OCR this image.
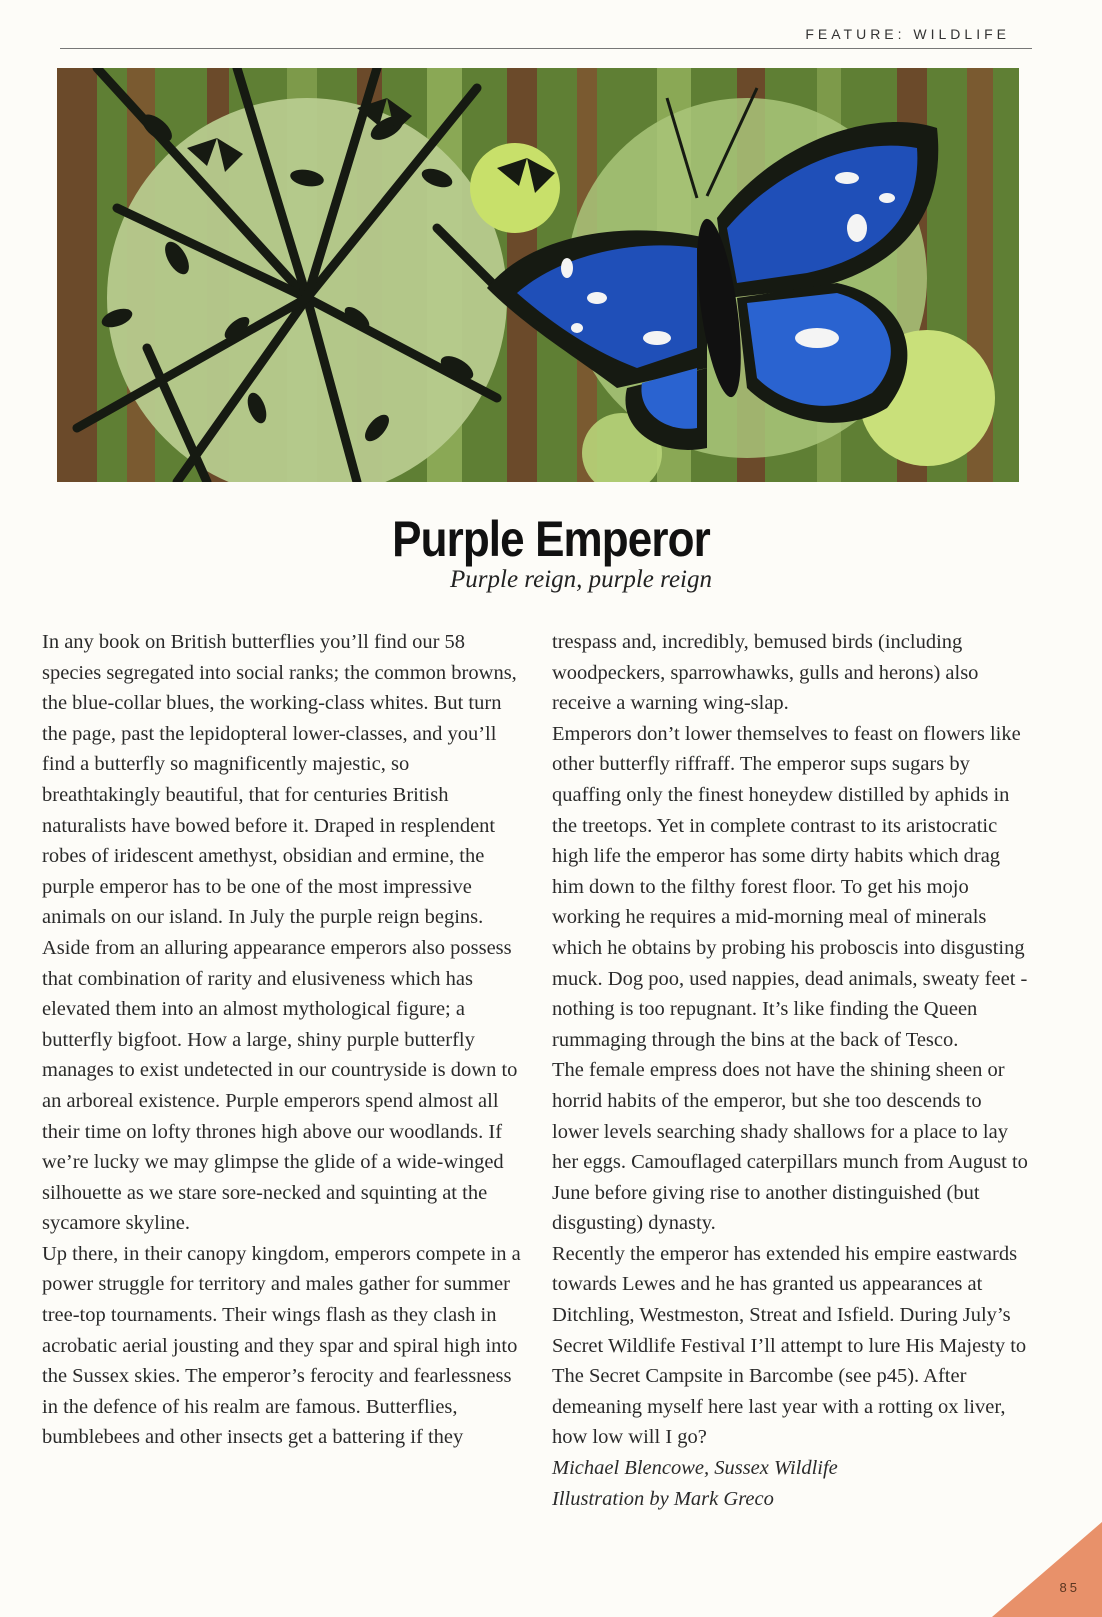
FEATURE: WILDLIFE
Purple Emperor
Purple reign, purple reign

In any book on British butterflies you’ll find our 58 species segregated into social ranks; the common browns, the blue-collar blues, the working-class whites. But turn the page, past the lepidopteral lower-classes, and you’ll find a butterfly so magnificently majestic, so breathtakingly beautiful, that for centuries British naturalists have bowed before it. Draped in resplendent robes of iridescent amethyst, obsidian and ermine, the purple emperor has to be one of the most impressive animals on our island. In July the purple reign begins.

Aside from an alluring appearance emperors also possess that combination of rarity and elusiveness which has elevated them into an almost mythological figure; a butterfly bigfoot. How a large, shiny purple butterfly manages to exist undetected in our countryside is down to an arboreal existence. Purple emperors spend almost all their time on lofty thrones high above our woodlands. If we’re lucky we may glimpse the glide of a wide-winged silhouette as we stare sore-necked and squinting at the sycamore skyline.

Up there, in their canopy kingdom, emperors compete in a power struggle for territory and males gather for summer tree-top tournaments. Their wings flash as they clash in acrobatic aerial jousting and they spar and spiral high into the Sussex skies. The emperor’s ferocity and fearlessness in the defence of his realm are famous. Butterflies, bumblebees and other insects get a battering if they

trespass and, incredibly, bemused birds (including woodpeckers, sparrowhawks, gulls and herons) also receive a warning wing-slap.

Emperors don’t lower themselves to feast on flowers like other butterfly riffraff. The emperor sups sugars by quaffing only the finest honeydew distilled by aphids in the treetops. Yet in complete contrast to its aristocratic high life the emperor has some dirty habits which drag him down to the filthy forest floor. To get his mojo working he requires a mid-morning meal of minerals which he obtains by probing his proboscis into disgusting muck. Dog poo, used nappies, dead animals, sweaty feet - nothing is too repugnant. It’s like finding the Queen rummaging through the bins at the back of Tesco.

The female empress does not have the shining sheen or horrid habits of the emperor, but she too descends to lower levels searching shady shallows for a place to lay her eggs. Camouflaged caterpillars munch from August to June before giving rise to another distinguished (but disgusting) dynasty.

Recently the emperor has extended his empire eastwards towards Lewes and he has granted us appearances at Ditchling, Westmeston, Streat and Isfield. During July’s Secret Wildlife Festival I’ll attempt to lure His Majesty to The Secret Campsite in Barcombe (see p45). After demeaning myself here last year with a rotting ox liver, how low will I go?

Michael Blencowe, Sussex Wildlife

Illustration by Mark Greco

85
